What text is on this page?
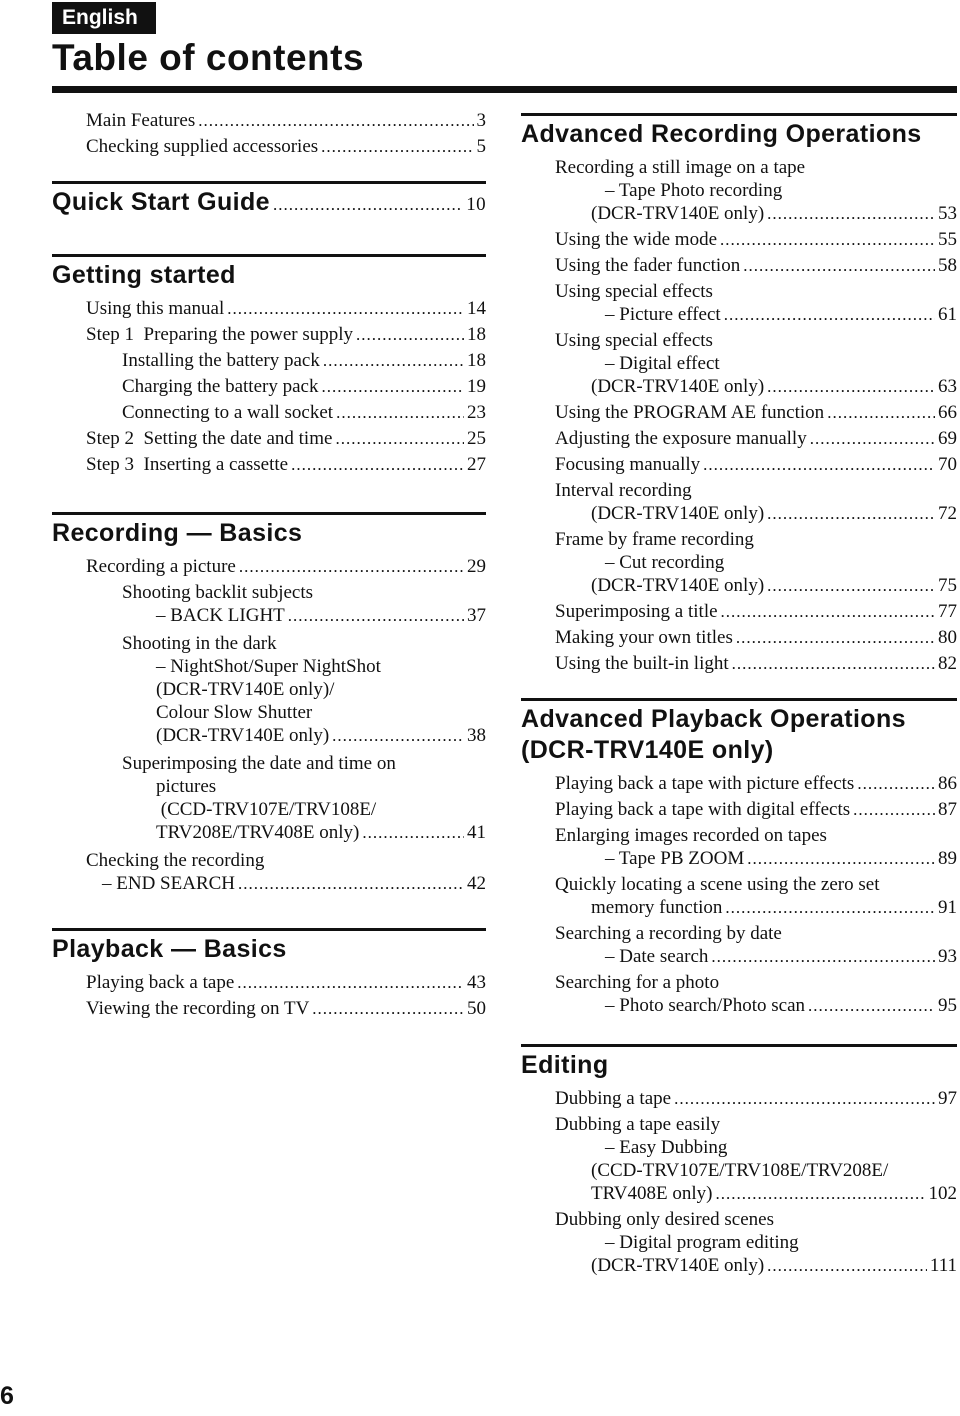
English
Table of contents
Main Features .....	3
Checking supplied accessories .....	5
Quick Start Guide .....	10
Getting started
Using this manual .....	14
Step 1  Preparing the power supply .....	18
Installing the battery pack .....	18
Charging the battery pack .....	19
Connecting to a wall socket .....	23
Step 2  Setting the date and time .....	25
Step 3  Inserting a cassette .....	27
Recording — Basics
Recording a picture .....	29
Shooting backlit subjects
– BACK LIGHT .....	37
Shooting in the dark
– NightShot/Super NightShot
(DCR-TRV140E only)/
Colour Slow Shutter
(DCR-TRV140E only) .....	38
Superimposing the date and time on
pictures
(CCD-TRV107E/TRV108E/
TRV208E/TRV408E only) .....	41
Checking the recording
– END SEARCH .....	42
Playback — Basics
Playing back a tape .....	43
Viewing the recording on TV .....	50
Advanced Recording Operations
Recording a still image on a tape
– Tape Photo recording
(DCR-TRV140E only) .....	53
Using the wide mode .....	55
Using the fader function .....	58
Using special effects
– Picture effect .....	61
Using special effects
– Digital effect
(DCR-TRV140E only) .....	63
Using the PROGRAM AE function .....	66
Adjusting the exposure manually .....	69
Focusing manually .....	70
Interval recording
(DCR-TRV140E only) .....	72
Frame by frame recording
– Cut recording
(DCR-TRV140E only) .....	75
Superimposing a title .....	77
Making your own titles .....	80
Using the built-in light .....	82
Advanced Playback Operations
(DCR-TRV140E only)
Playing back a tape with picture effects .....	86
Playing back a tape with digital effects .....	87
Enlarging images recorded on tapes
– Tape PB ZOOM .....	89
Quickly locating a scene using the zero set
memory function .....	91
Searching a recording by date
– Date search .....	93
Searching for a photo
– Photo search/Photo scan .....	95
Editing
Dubbing a tape .....	97
Dubbing a tape easily
– Easy Dubbing
(CCD-TRV107E/TRV108E/TRV208E/
TRV408E only) .....	102
Dubbing only desired scenes
– Digital program editing
(DCR-TRV140E only) .....	111
6
